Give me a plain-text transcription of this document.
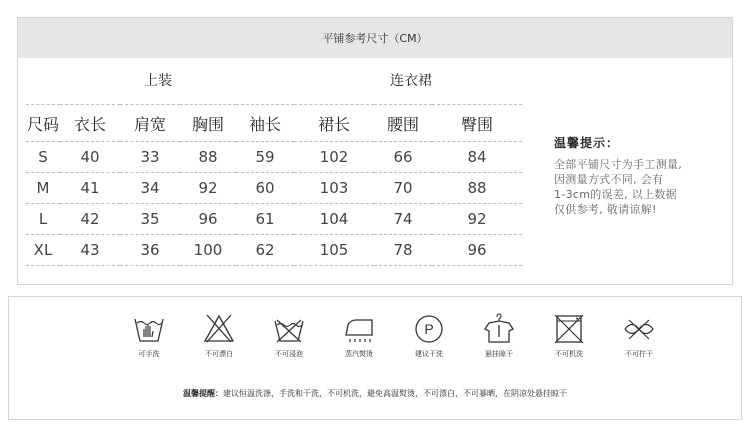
平铺参考尺寸（CM）
上装	连衣裙
尺码	衣长	肩宽	胸围	袖长	裙长	腰围	臀围
S	40	33	88	59	102	66	84
M	41	34	92	60	103	70	88
L	42	35	96	61	104	74	92
XL	43	36	100	62	105	78	96
温馨提示：
全部平铺尺寸为手工测量,
因测量方式不同, 会有
1-3cm的误差, 以上数据
仅供参考, 敬请谅解!
可手洗	不可漂白	不可浸泡	蒸汽熨烫
P
建议干洗	悬挂晾干	不可机洗	不可拧干
温馨提醒：建议恒温洗涤，手洗和干洗，不可机洗，避免高温熨烫，不可漂白，不可暴晒，在阴凉处悬挂晾干
